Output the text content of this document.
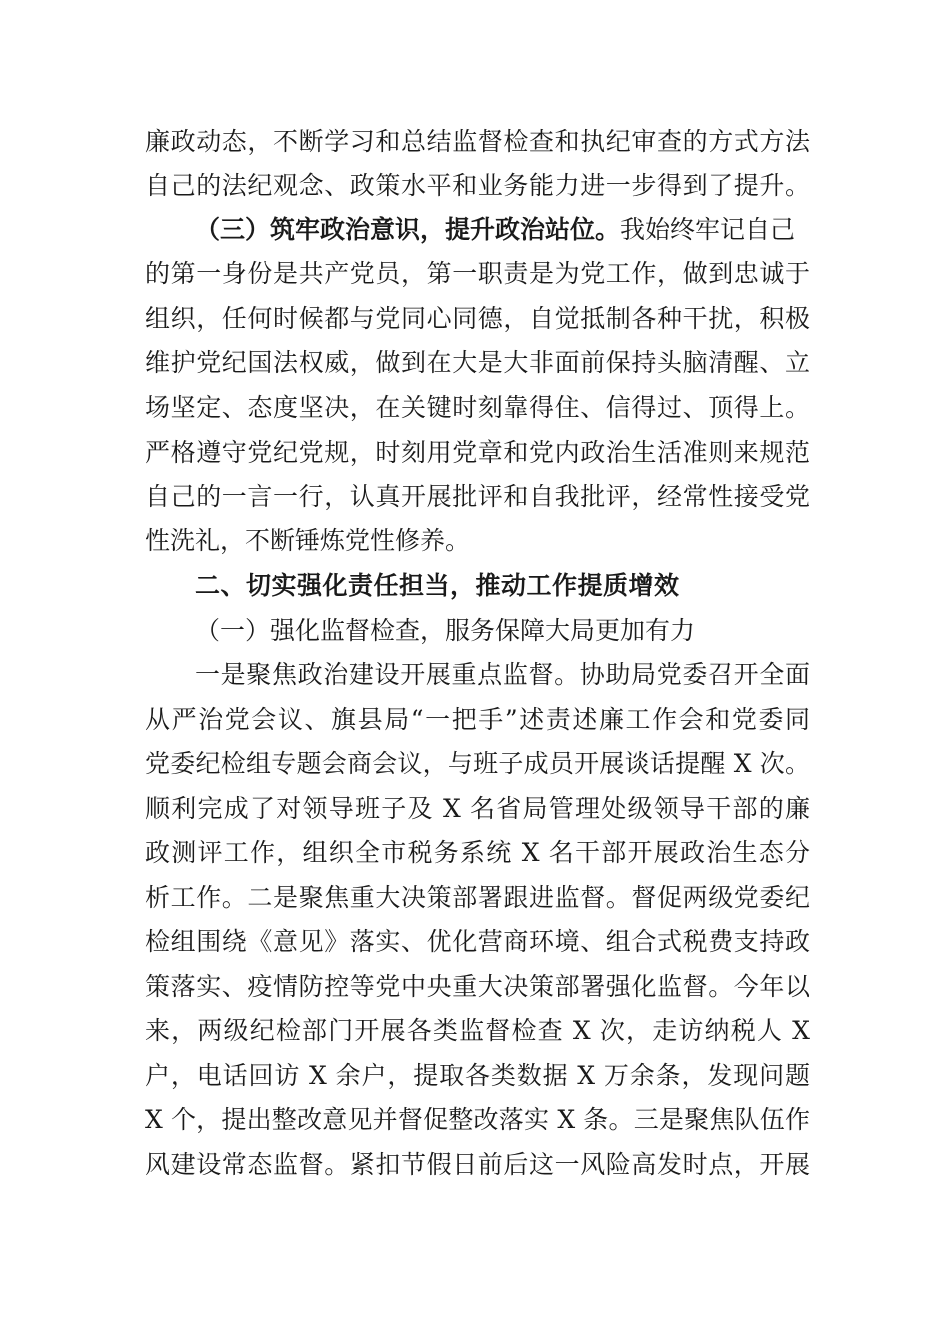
廉政动态，不断学习和总结监督检查和执纪审查的方式方法
自己的法纪观念、政策水平和业务能力进一步得到了提升。
（三）筑牢政治意识，提升政治站位。我始终牢记自己
的第一身份是共产党员，第一职责是为党工作，做到忠诚于
组织，任何时候都与党同心同德，自觉抵制各种干扰，积极
维护党纪国法权威，做到在大是大非面前保持头脑清醒、立
场坚定、态度坚决，在关键时刻靠得住、信得过、顶得上。
严格遵守党纪党规，时刻用党章和党内政治生活准则来规范
自己的一言一行，认真开展批评和自我批评，经常性接受党
性洗礼，不断锤炼党性修养。
二、切实强化责任担当，推动工作提质增效
（一）强化监督检查，服务保障大局更加有力
一是聚焦政治建设开展重点监督。协助局党委召开全面
从严治党会议、旗县局“一把手”述责述廉工作会和党委同
党委纪检组专题会商会议，与班子成员开展谈话提醒 X 次。
顺利完成了对领导班子及 X 名省局管理处级领导干部的廉
政测评工作，组织全市税务系统 X 名干部开展政治生态分
析工作。二是聚焦重大决策部署跟进监督。督促两级党委纪
检组围绕《意见》落实、优化营商环境、组合式税费支持政
策落实、疫情防控等党中央重大决策部署强化监督。今年以
来，两级纪检部门开展各类监督检查 X 次，走访纳税人 X
户，电话回访 X 余户，提取各类数据 X 万余条，发现问题
X 个，提出整改意见并督促整改落实 X 条。三是聚焦队伍作
风建设常态监督。紧扣节假日前后这一风险高发时点，开展
